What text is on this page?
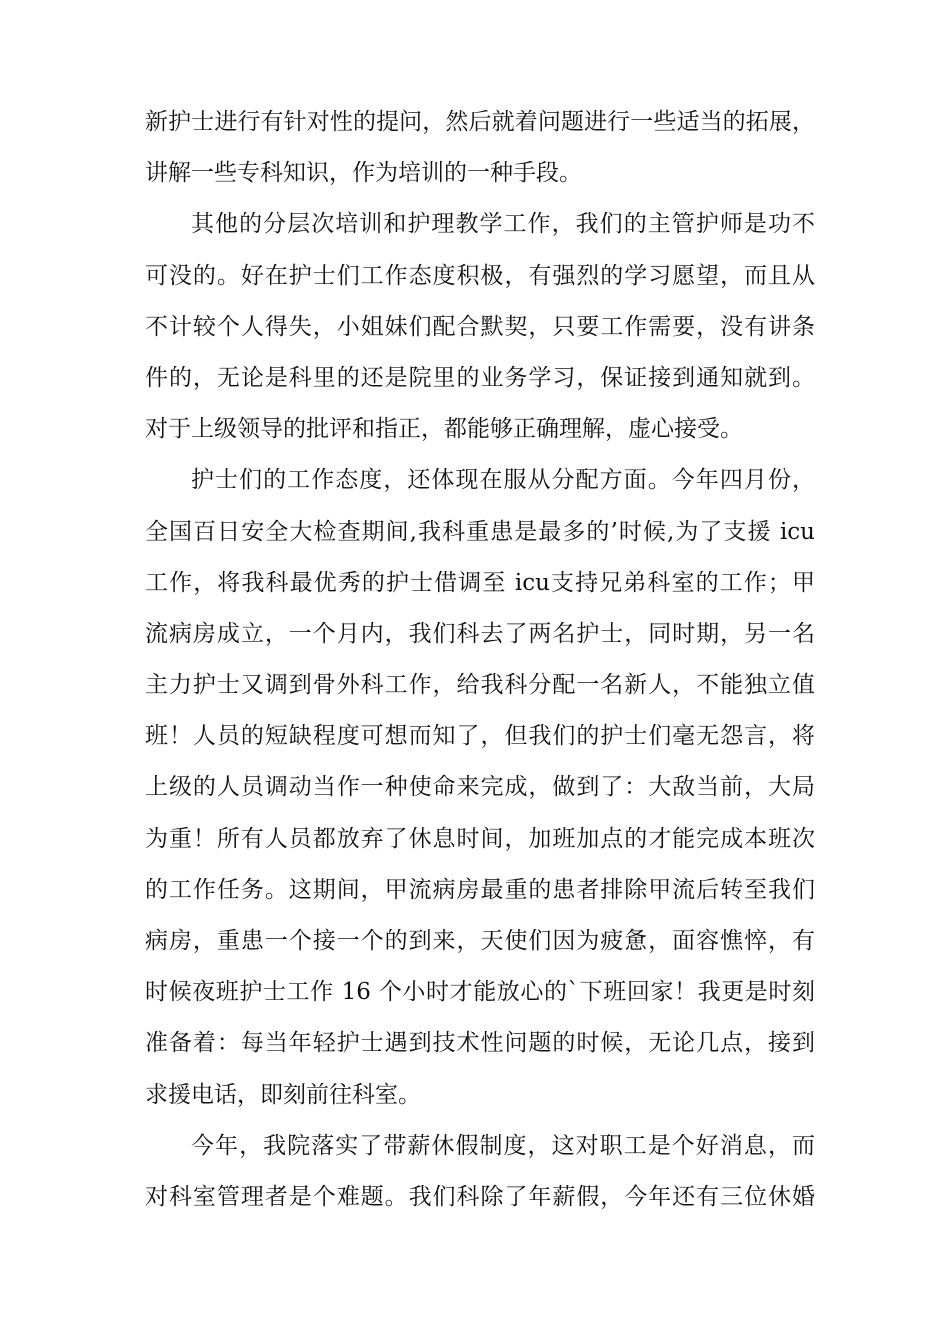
新护士进行有针对性的提问，然后就着问题进行一些适当的拓展，
讲解一些专科知识，作为培训的一种手段。
其他的分层次培训和护理教学工作，我们的主管护师是功不
可没的。好在护士们工作态度积极，有强烈的学习愿望，而且从
不计较个人得失，小姐妹们配合默契，只要工作需要，没有讲条
件的，无论是科里的还是院里的业务学习，保证接到通知就到。
对于上级领导的批评和指正，都能够正确理解，虚心接受。
护士们的工作态度，还体现在服从分配方面。今年四月份，
全国百日安全大检查期间,我科重患是最多的’时候,为了支援 icu
工作，将我科最优秀的护士借调至 icu支持兄弟科室的工作；甲
流病房成立，一个月内，我们科去了两名护士，同时期，另一名
主力护士又调到骨外科工作，给我科分配一名新人，不能独立值
班！人员的短缺程度可想而知了，但我们的护士们毫无怨言，将
上级的人员调动当作一种使命来完成，做到了：大敌当前，大局
为重！所有人员都放弃了休息时间，加班加点的才能完成本班次
的工作任务。这期间，甲流病房最重的患者排除甲流后转至我们
病房，重患一个接一个的到来，天使们因为疲惫，面容憔悴，有
时候夜班护士工作 16 个小时才能放心的`下班回家！我更是时刻
准备着：每当年轻护士遇到技术性问题的时候，无论几点，接到
求援电话，即刻前往科室。
今年，我院落实了带薪休假制度，这对职工是个好消息，而
对科室管理者是个难题。我们科除了年薪假，今年还有三位休婚
